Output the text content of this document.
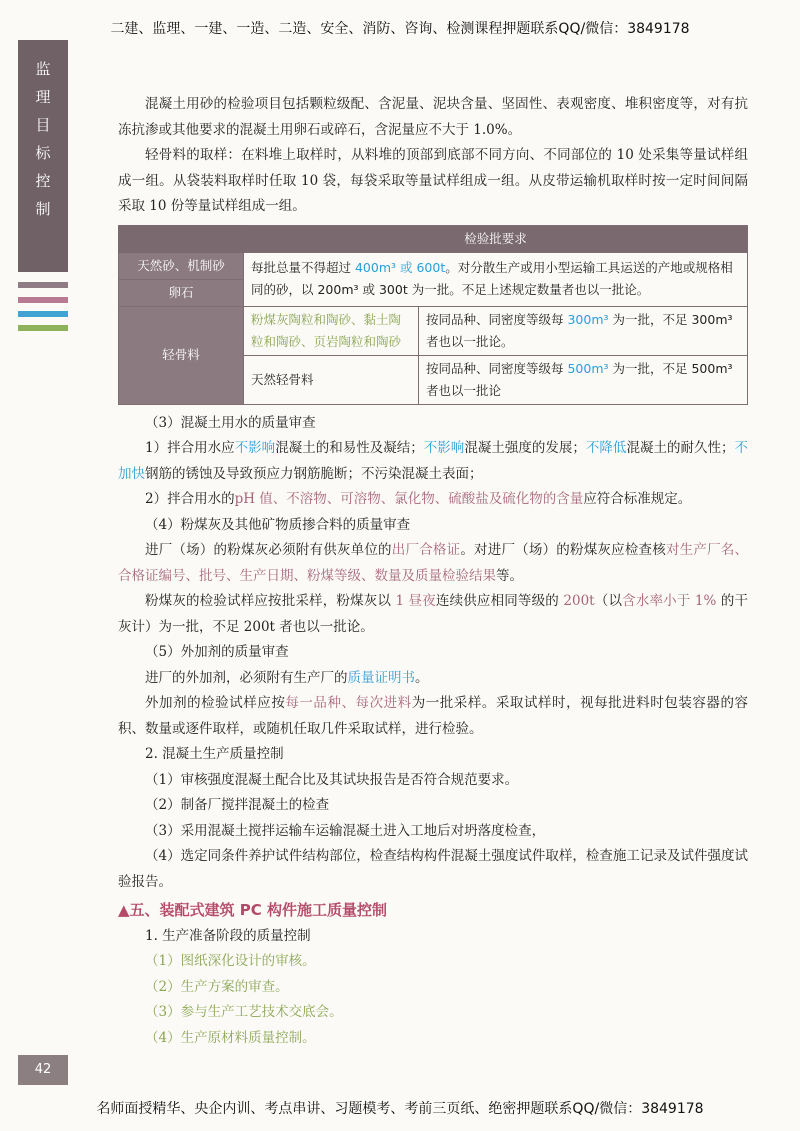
二建、监理、一建、一造、二造、安全、消防、咨询、检测课程押题联系QQ/微信：3849178
监
理
目
标
控
制

混凝土用砂的检验项目包括颗粒级配、含泥量、泥块含量、坚固性、表观密度、堆积密度等，对有抗冻抗渗或其他要求的混凝土用卵石或碎石，含泥量应不大于 1.0%。

轻骨料的取样：在料堆上取样时，从料堆的顶部到底部不同方向、不同部位的 10 处采集等量试样组成一组。从袋装料取样时任取 10 袋，每袋采取等量试样组成一组。从皮带运输机取样时按一定时间间隔采取 10 份等量试样组成一组。

	检验批要求	
天然砂、机制砂	每批总量不得超过 400m³ 或 600t。对分散生产或用小型运输工具运送的产地或规格相同的砂，以 200m³ 或 300t 为一批。不足上述规定数量者也以一批论。	
卵石		
轻骨料	粉煤灰陶粒和陶砂、黏土陶粒和陶砂、页岩陶粒和陶砂	按同品种、同密度等级每 300m³ 为一批，不足 300m³ 者也以一批论。
	天然轻骨料	按同品种、同密度等级每 500m³ 为一批，不足 500m³ 者也以一批论

（3）混凝土用水的质量审查

1）拌合用水应不影响混凝土的和易性及凝结；不影响混凝土强度的发展；不降低混凝土的耐久性；不加快钢筋的锈蚀及导致预应力钢筋脆断；不污染混凝土表面；

2）拌合用水的pH 值、不溶物、可溶物、氯化物、硫酸盐及硫化物的含量应符合标准规定。

（4）粉煤灰及其他矿物质掺合料的质量审查

进厂（场）的粉煤灰必须附有供灰单位的出厂合格证。对进厂（场）的粉煤灰应检查核对生产厂名、合格证编号、批号、生产日期、粉煤等级、数量及质量检验结果等。

粉煤灰的检验试样应按批采样，粉煤灰以 1 昼夜连续供应相同等级的 200t（以含水率小于 1% 的干灰计）为一批，不足 200t 者也以一批论。

（5）外加剂的质量审查

进厂的外加剂，必须附有生产厂的质量证明书。

外加剂的检验试样应按每一品种、每次进料为一批采样。采取试样时，视每批进料时包装容器的容积、数量或逐件取样，或随机任取几件采取试样，进行检验。

2. 混凝土生产质量控制

（1）审核强度混凝土配合比及其试块报告是否符合规范要求。

（2）制备厂搅拌混凝土的检查

（3）采用混凝土搅拌运输车运输混凝土进入工地后对坍落度检查，

（4）选定同条件养护试件结构部位，检查结构构件混凝土强度试件取样，检查施工记录及试件强度试验报告。

▲五、装配式建筑 PC 构件施工质量控制

1. 生产准备阶段的质量控制

（1）图纸深化设计的审核。

（2）生产方案的审查。

（3）参与生产工艺技术交底会。

（4）生产原材料质量控制。

42
名师面授精华、央企内训、考点串讲、习题模考、考前三页纸、绝密押题联系QQ/微信：3849178
